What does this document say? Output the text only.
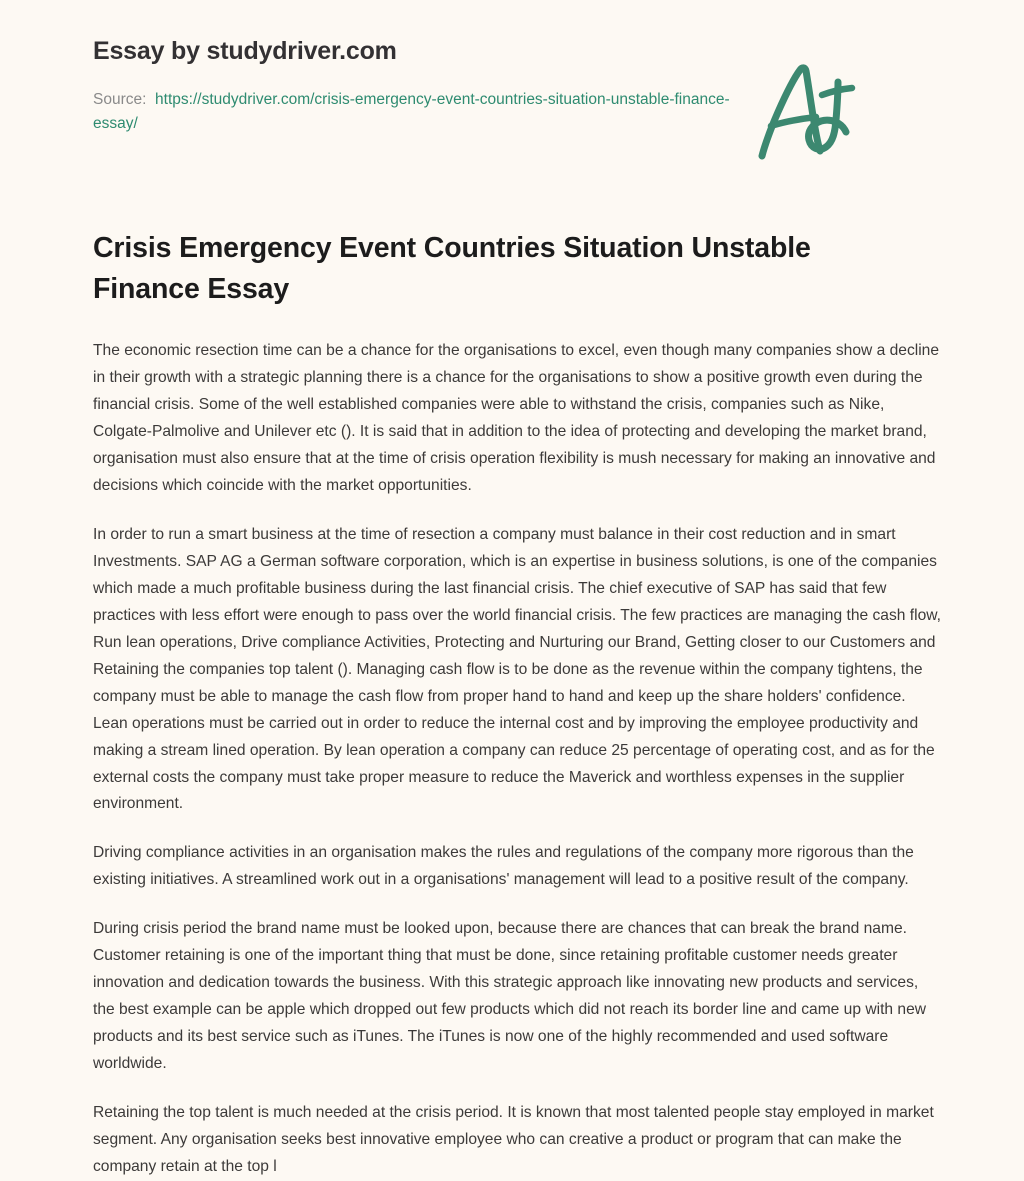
Essay by studydriver.com
Source: https://studydriver.com/crisis-emergency-event-countries-situation-unstable-finance-essay/
Crisis Emergency Event Countries Situation Unstable Finance Essay

The economic resection time can be a chance for the organisations to excel, even though many companies show a decline in their growth with a strategic planning there is a chance for the organisations to show a positive growth even during the financial crisis. Some of the well established companies were able to withstand the crisis, companies such as Nike, Colgate-Palmolive and Unilever etc (). It is said that in addition to the idea of protecting and developing the market brand, organisation must also ensure that at the time of crisis operation flexibility is mush necessary for making an innovative and decisions which coincide with the market opportunities.

In order to run a smart business at the time of resection a company must balance in their cost reduction and in smart Investments. SAP AG a German software corporation, which is an expertise in business solutions, is one of the companies which made a much profitable business during the last financial crisis. The chief executive of SAP has said that few practices with less effort were enough to pass over the world financial crisis. The few practices are managing the cash flow, Run lean operations, Drive compliance Activities, Protecting and Nurturing our Brand, Getting closer to our Customers and Retaining the companies top talent (). Managing cash flow is to be done as the revenue within the company tightens, the company must be able to manage the cash flow from proper hand to hand and keep up the share holders' confidence. Lean operations must be carried out in order to reduce the internal cost and by improving the employee productivity and making a stream lined operation. By lean operation a company can reduce 25 percentage of operating cost, and as for the external costs the company must take proper measure to reduce the Maverick and worthless expenses in the supplier environment.

Driving compliance activities in an organisation makes the rules and regulations of the company more rigorous than the existing initiatives. A streamlined work out in a organisations' management will lead to a positive result of the company.

During crisis period the brand name must be looked upon, because there are chances that can break the brand name. Customer retaining is one of the important thing that must be done, since retaining profitable customer needs greater innovation and dedication towards the business. With this strategic approach like innovating new products and services, the best example can be apple which dropped out few products which did not reach its border line and came up with new products and its best service such as iTunes. The iTunes is now one of the highly recommended and used software worldwide.

Retaining the top talent is much needed at the crisis period. It is known that most talented people stay employed in market segment. Any organisation seeks best innovative employee who can creative a product or program that can make the company retain at the top l
